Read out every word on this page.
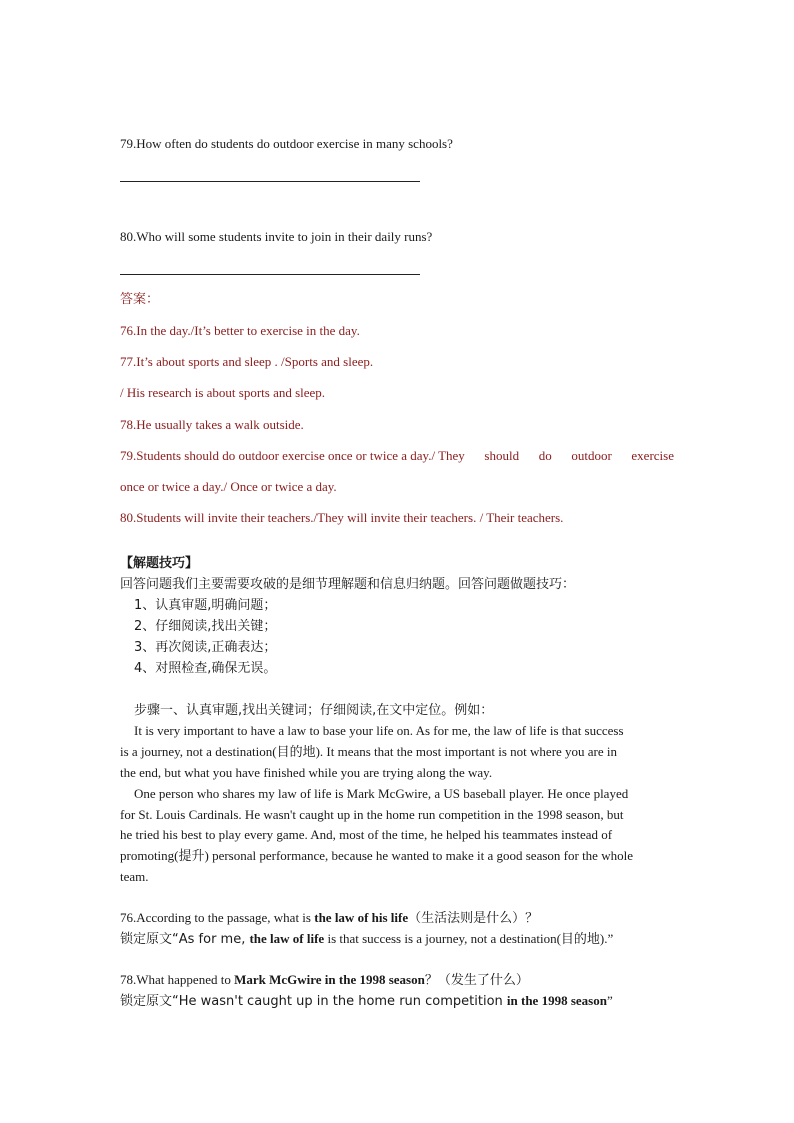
79.How often do students do outdoor exercise in many schools?
80.Who will some students invite to join in their daily runs?
答案：
76.In the day./It’s better to exercise in the day.
77.It’s about sports and sleep . /Sports and sleep.
/ His research is about sports and sleep.
78.He usually takes a walk outside.
79.Students should do outdoor exercise once or twice a day./ They should do outdoor exercise
once or twice a day./ Once or twice a day.
80.Students will invite their teachers./They will invite their teachers. / Their teachers.
【解题技巧】
回答问题我们主要需要攻破的是细节理解题和信息归纳题。回答问题做题技巧：
1、认真审题,明确问题；
2、仔细阅读,找出关键；
3、再次阅读,正确表达；
4、对照检查,确保无误。
步骤一、认真审题,找出关键词；仔细阅读,在文中定位。例如：
It is very important to have a law to base your life on. As for me, the law of life is that success
is a journey, not a destination(目的地). It means that the most important is not where you are in
the end, but what you have finished while you are trying along the way.
One person who shares my law of life is Mark McGwire, a US baseball player. He once played
for St. Louis Cardinals. He wasn't caught up in the home run competition in the 1998 season, but
he tried his best to play every game. And, most of the time, he helped his teammates instead of
promoting(提升) personal performance, because he wanted to make it a good season for the whole
team.
76.According to the passage, what is the law of his life（生活法则是什么）？
锁定原文“As for me, the law of life is that success is a journey, not a destination(目的地).”
78.What happened to Mark McGwire in the 1998 season？（发生了什么）
锁定原文“He wasn't caught up in the home run competition in the 1998 season”
